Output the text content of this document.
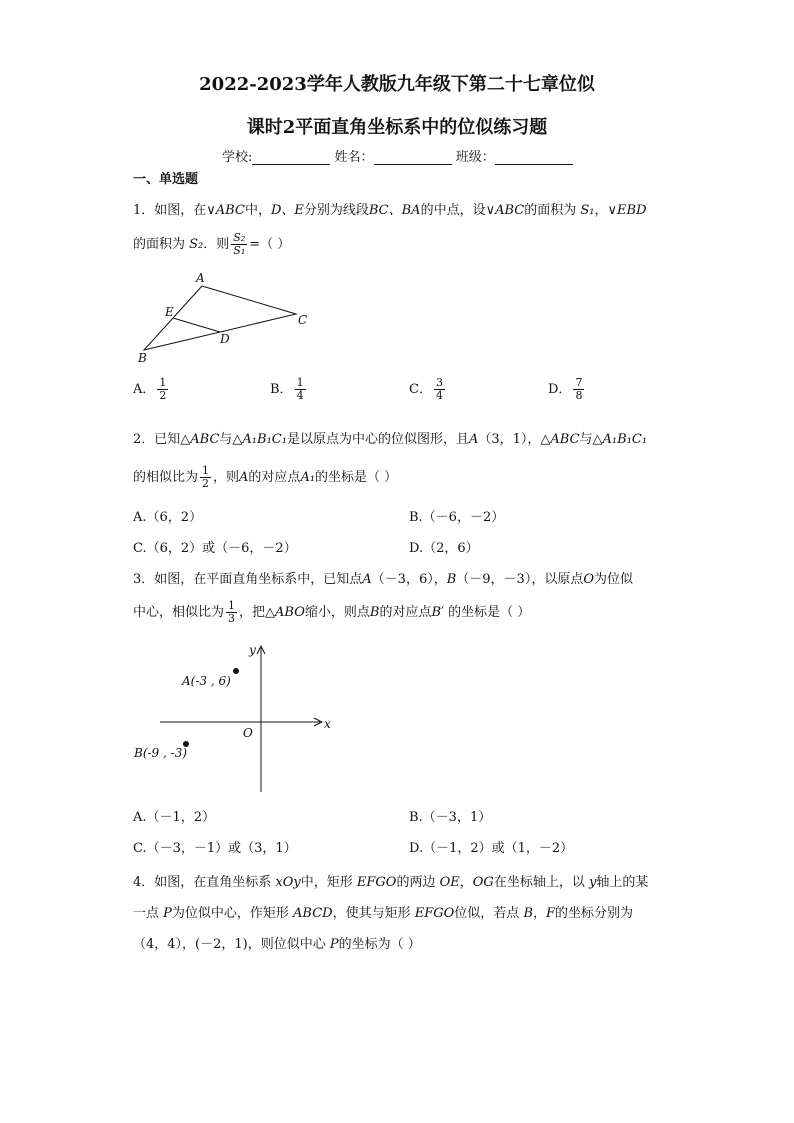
2022-2023学年人教版九年级下第二十七章位似
课时2平面直角坐标系中的位似练习题
学校:	姓名：	班级：
一、单选题
1．如图，在∨ABC中，D、E分别为线段BC、BA的中点，设∨ABC的面积为 S₁，∨EBD
的面积为 S₂．则 $\frac{\text{S₂}}{\text{S₁}}$ =（ ）
A
C
B
E
D
A． $\frac{1}{2}$	B． $\frac{1}{4}$	C． $\frac{3}{4}$	D． $\frac{7}{8}$
2．已知△ABC与△A₁B₁C₁是以原点为中心的位似图形，且A（3，1），△ABC与△A₁B₁C₁
的相似比为 $\frac{1}{2}$ ，则A的对应点A₁的坐标是（ ）
A.（6，2）	B.（－6，－2）
C.（6，2）或（－6，－2）	D.（2，6）
3．如图，在平面直角坐标系中，已知点A（－3，6），B（－9，－3），以原点O为位似
中心，相似比为 $\frac{1}{3}$ ，把△ABO缩小，则点B的对应点B′ 的坐标是（ ）
y
x
O
A(-3 , 6)
B(-9 , -3)
A.（－1，2）	B.（－3，1）
C.（－3，－1）或（3，1）	D.（－1，2）或（1，－2）
4．如图，在直角坐标系 xOy中，矩形 EFGO的两边 OE，OG在坐标轴上，以 y轴上的某
一点 P为位似中心，作矩形 ABCD，使其与矩形 EFGO位似，若点 B，F的坐标分别为
（4，4），(－2，1)，则位似中心 P的坐标为（ ）
